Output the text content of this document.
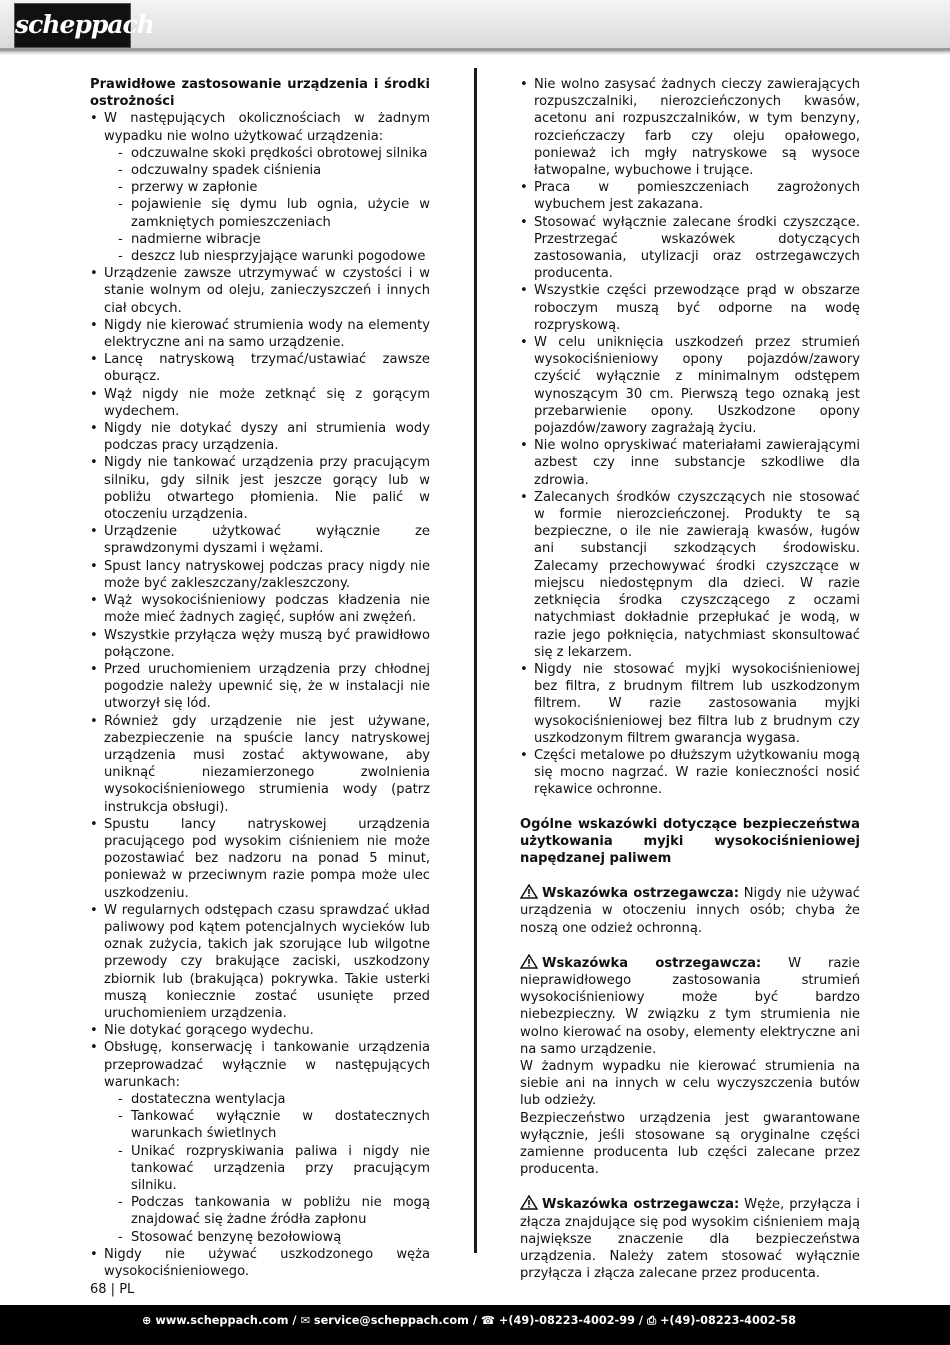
scheppach

Prawidłowe zastosowanie urządzenia i środki ostrożności

• W następujących okolicznościach w żadnym wypadku nie wolno użytkować urządzenia:
- odczuwalne skoki prędkości obrotowej silnika
- odczuwalny spadek ciśnienia
- przerwy w zapłonie
- pojawienie się dymu lub ognia, użycie w zamkniętych pomieszczeniach
- nadmierne wibracje
- deszcz lub niesprzyjające warunki pogodowe
• Urządzenie zawsze utrzymywać w czystości i w stanie wolnym od oleju, zanieczyszczeń i innych ciał obcych.
• Nigdy nie kierować strumienia wody na elementy elektryczne ani na samo urządzenie.
• Lancę natryskową trzymać/ustawiać zawsze oburącz.
• Wąż nigdy nie może zetknąć się z gorącym wydechem.
• Nigdy nie dotykać dyszy ani strumienia wody podczas pracy urządzenia.
• Nigdy nie tankować urządzenia przy pracującym silniku, gdy silnik jest jeszcze gorący lub w pobliżu otwartego płomienia. Nie palić w otoczeniu urządzenia.
• Urządzenie użytkować wyłącznie ze sprawdzonymi dyszami i wężami.
• Spust lancy natryskowej podczas pracy nigdy nie może być zakleszczany/zakleszczony.
• Wąż wysokociśnieniowy podczas kładzenia nie może mieć żadnych zagięć, supłów ani zwężeń.
• Wszystkie przyłącza węży muszą być prawidłowo połączone.
• Przed uruchomieniem urządzenia przy chłodnej pogodzie należy upewnić się, że w instalacji nie utworzył się lód.
• Również gdy urządzenie nie jest używane, zabezpieczenie na spuście lancy natryskowej urządzenia musi zostać aktywowane, aby uniknąć niezamierzonego zwolnienia wysokociśnieniowego strumienia wody (patrz instrukcja obsługi).
• Spustu lancy natryskowej urządzenia pracującego pod wysokim ciśnieniem nie może pozostawiać bez nadzoru na ponad 5 minut, ponieważ w przeciwnym razie pompa może ulec uszkodzeniu.
• W regularnych odstępach czasu sprawdzać układ paliwowy pod kątem potencjalnych wycieków lub oznak zużycia, takich jak szorujące lub wilgotne przewody czy brakujące zaciski, uszkodzony zbiornik lub (brakująca) pokrywka. Takie usterki muszą koniecznie zostać usunięte przed uruchomieniem urządzenia.
• Nie dotykać gorącego wydechu.
• Obsługę, konserwację i tankowanie urządzenia przeprowadzać wyłącznie w następujących warunkach:
- dostateczna wentylacja
- Tankować wyłącznie w dostatecznych warunkach świetlnych
- Unikać rozpryskiwania paliwa i nigdy nie tankować urządzenia przy pracującym silniku.
- Podczas tankowania w pobliżu nie mogą znajdować się żadne źródła zapłonu
- Stosować benzynę bezołowiową
• Nigdy nie używać uszkodzonego węża wysokociśnieniowego.
• Nie wolno zasysać żadnych cieczy zawierających rozpuszczalniki, nierozcieńczonych kwasów, acetonu ani rozpuszczalników, w tym benzyny, rozcieńczaczy farb czy oleju opałowego, ponieważ ich mgły natryskowe są wysoce łatwopalne, wybuchowe i trujące.
• Praca w pomieszczeniach zagrożonych wybuchem jest zakazana.
• Stosować wyłącznie zalecane środki czyszczące. Przestrzegać wskazówek dotyczących zastosowania, utylizacji oraz ostrzegawczych producenta.
• Wszystkie części przewodzące prąd w obszarze roboczym muszą być odporne na wodę rozpryskową.
• W celu uniknięcia uszkodzeń przez strumień wysokociśnieniowy opony pojazdów/zawory czyścić wyłącznie z minimalnym odstępem wynoszącym 30 cm. Pierwszą tego oznaką jest przebarwienie opony. Uszkodzone opony pojazdów/zawory zagrażają życiu.
• Nie wolno opryskiwać materiałami zawierającymi azbest czy inne substancje szkodliwe dla zdrowia.
• Zalecanych środków czyszczących nie stosować w formie nierozcieńczonej. Produkty te są bezpieczne, o ile nie zawierają kwasów, ługów ani substancji szkodzących środowisku. Zalecamy przechowywać środki czyszczące w miejscu niedostępnym dla dzieci. W razie zetknięcia środka czyszczącego z oczami natychmiast dokładnie przepłukać je wodą, w razie jego połknięcia, natychmiast skonsultować się z lekarzem.
• Nigdy nie stosować myjki wysokociśnieniowej bez filtra, z brudnym filtrem lub uszkodzonym filtrem. W razie zastosowania myjki wysokociśnieniowej bez filtra lub z brudnym czy uszkodzonym filtrem gwarancja wygasa.
• Części metalowe po dłuższym użytkowaniu mogą się mocno nagrzać. W razie konieczności nosić rękawice ochronne.

Ogólne wskazówki dotyczące bezpieczeństwa użytkowania myjki wysokociśnieniowej napędzanej paliwem

Wskazówka ostrzegawcza: Nigdy nie używać urządzenia w otoczeniu innych osób; chyba że noszą one odzież ochronną.

Wskazówka ostrzegawcza: W razie nieprawidłowego zastosowania strumień wysokociśnieniowy może być bardzo niebezpieczny. W związku z tym strumienia nie wolno kierować na osoby, elementy elektryczne ani na samo urządzenie.

W żadnym wypadku nie kierować strumienia na siebie ani na innych w celu wyczyszczenia butów lub odzieży.

Bezpieczeństwo urządzenia jest gwarantowane wyłącznie, jeśli stosowane są oryginalne części zamienne producenta lub części zalecane przez producenta.

Wskazówka ostrzegawcza: Węże, przyłącza i złącza znajdujące się pod wysokim ciśnieniem mają największe znaczenie dla bezpieczeństwa urządzenia. Należy zatem stosować wyłącznie przyłącza i złącza zalecane przez producenta.

68 | PL
⊕ www.scheppach.com / ✉ service@scheppach.com / ☎ +(49)-08223-4002-99 / ⎙ +(49)-08223-4002-58
